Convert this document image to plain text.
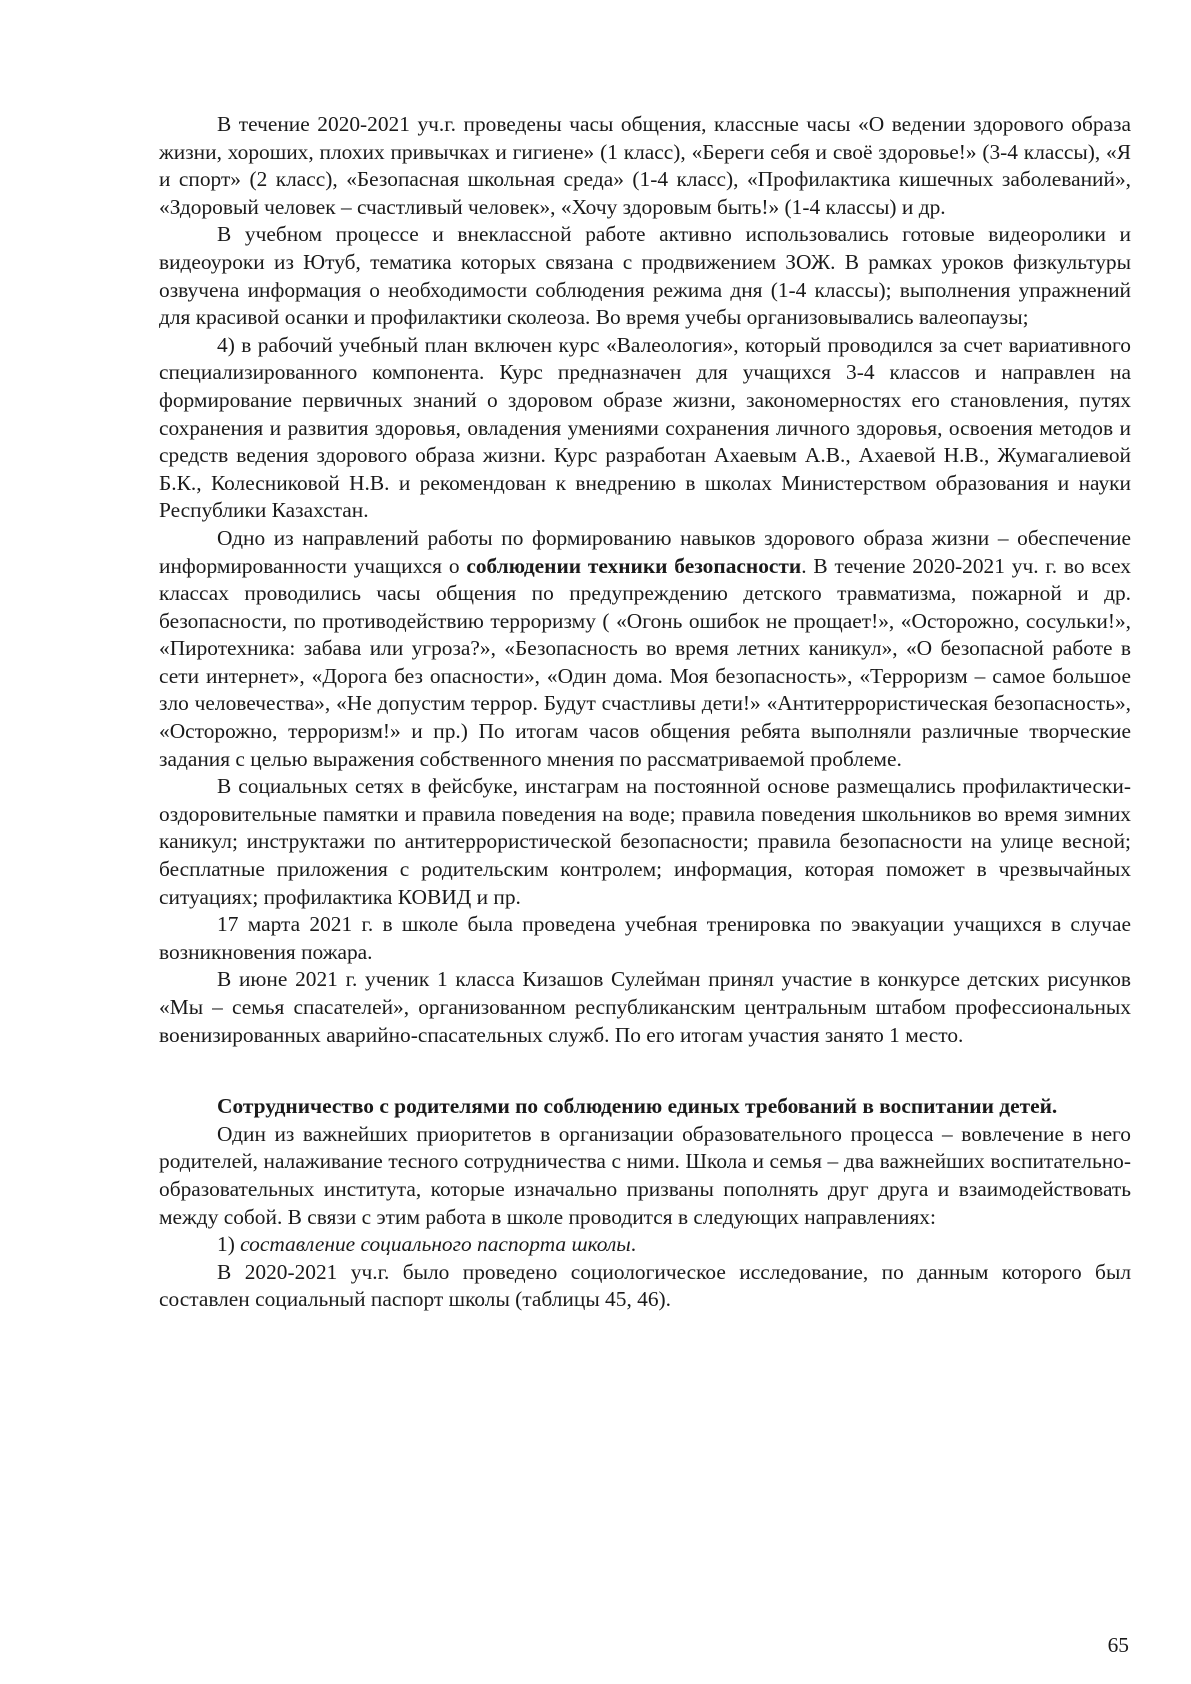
В течение 2020-2021 уч.г. проведены часы общения, классные часы «О ведении здорового образа жизни, хороших, плохих привычках и гигиене» (1 класс), «Береги себя и своё здоровье!» (3-4 классы), «Я и спорт» (2 класс), «Безопасная школьная среда» (1-4 класс), «Профилактика кишечных заболеваний», «Здоровый человек – счастливый человек», «Хочу здоровым быть!» (1-4 классы) и др.

В учебном процессе и внеклассной работе активно использовались готовые видеоролики и видеоуроки из Ютуб, тематика которых связана с продвижением ЗОЖ. В рамках уроков физкультуры озвучена информация о необходимости соблюдения режима дня (1-4 классы); выполнения упражнений для красивой осанки и профилактики сколеоза. Во время учебы организовывались валеопаузы;

4) в рабочий учебный план включен курс «Валеология», который проводился за счет вариативного специализированного компонента. Курс предназначен для учащихся 3-4 классов и направлен на формирование первичных знаний о здоровом образе жизни, закономерностях его становления, путях сохранения и развития здоровья, овладения умениями сохранения личного здоровья, освоения методов и средств ведения здорового образа жизни. Курс разработан Ахаевым А.В., Ахаевой Н.В., Жумагалиевой Б.К., Колесниковой Н.В. и рекомендован к внедрению в школах Министерством образования и науки Республики Казахстан.

Одно из направлений работы по формированию навыков здорового образа жизни – обеспечение информированности учащихся о соблюдении техники безопасности. В течение 2020-2021 уч. г. во всех классах проводились часы общения по предупреждению детского травматизма, пожарной и др. безопасности, по противодействию терроризму ( «Огонь ошибок не прощает!», «Осторожно, сосульки!», «Пиротехника: забава или угроза?», «Безопасность во время летних каникул», «О безопасной работе в сети интернет», «Дорога без опасности», «Один дома. Моя безопасность», «Терроризм – самое большое зло человечества», «Не допустим террор. Будут счастливы дети!» «Антитеррористическая безопасность», «Осторожно, терроризм!» и пр.) По итогам часов общения ребята выполняли различные творческие задания с целью выражения собственного мнения по рассматриваемой проблеме.

В социальных сетях в фейсбуке, инстаграм на постоянной основе размещались профилактически-оздоровительные памятки и правила поведения на воде; правила поведения школьников во время зимних каникул; инструктажи по антитеррористической безопасности; правила безопасности на улице весной; бесплатные приложения с родительским контролем; информация, которая поможет в чрезвычайных ситуациях; профилактика КОВИД и пр.

17 марта 2021 г. в школе была проведена учебная тренировка по эвакуации учащихся в случае возникновения пожара.

В июне 2021 г. ученик 1 класса Кизашов Сулейман принял участие в конкурсе детских рисунков «Мы – семья спасателей», организованном республиканским центральным штабом профессиональных военизированных аварийно-спасательных служб. По его итогам участия занято 1 место.

Сотрудничество с родителями по соблюдению единых требований в воспитании детей.

Один из важнейших приоритетов в организации образовательного процесса – вовлечение в него родителей, налаживание тесного сотрудничества с ними. Школа и семья – два важнейших воспитательно-образовательных института, которые изначально призваны пополнять друг друга и взаимодействовать между собой. В связи с этим работа в школе проводится в следующих направлениях:

1) составление социального паспорта школы.

В 2020-2021 уч.г. было проведено социологическое исследование, по данным которого был составлен социальный паспорт школы (таблицы 45, 46).

65
